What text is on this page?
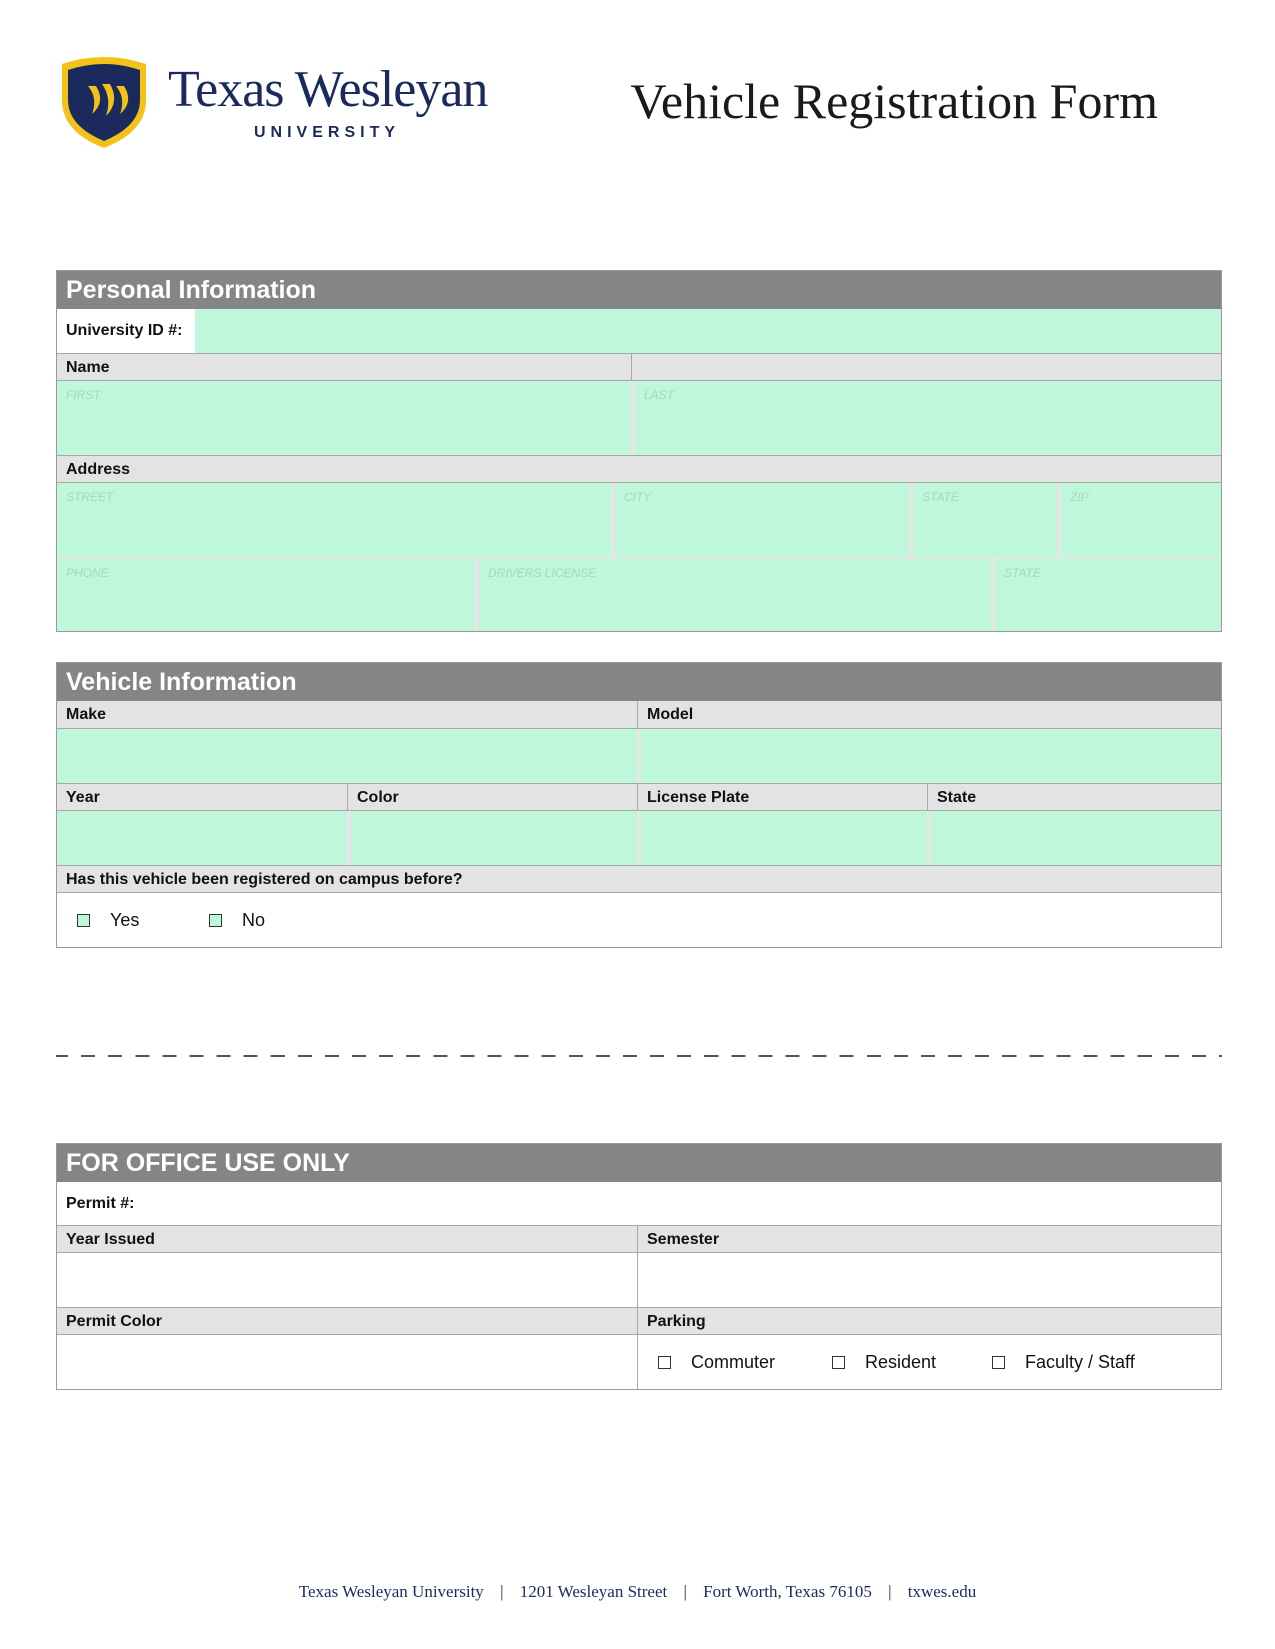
Texas Wesleyan
UNIVERSITY
Vehicle Registration Form
Personal Information
University ID #:
Name
FIRST	LAST
Address
STREET	CITY	STATE	ZIP
PHONE	DRIVERS LICENSE	STATE
Vehicle Information
Make	Model
Year	Color	License Plate	State
Has this vehicle been registered on campus before?
Yes	No
FOR OFFICE USE ONLY
Permit #:
Year Issued	Semester
Permit Color	Parking
Commuter	Resident	Faculty / Staff
Texas Wesleyan University | 1201 Wesleyan Street | Fort Worth, Texas 76105 | txwes.edu
